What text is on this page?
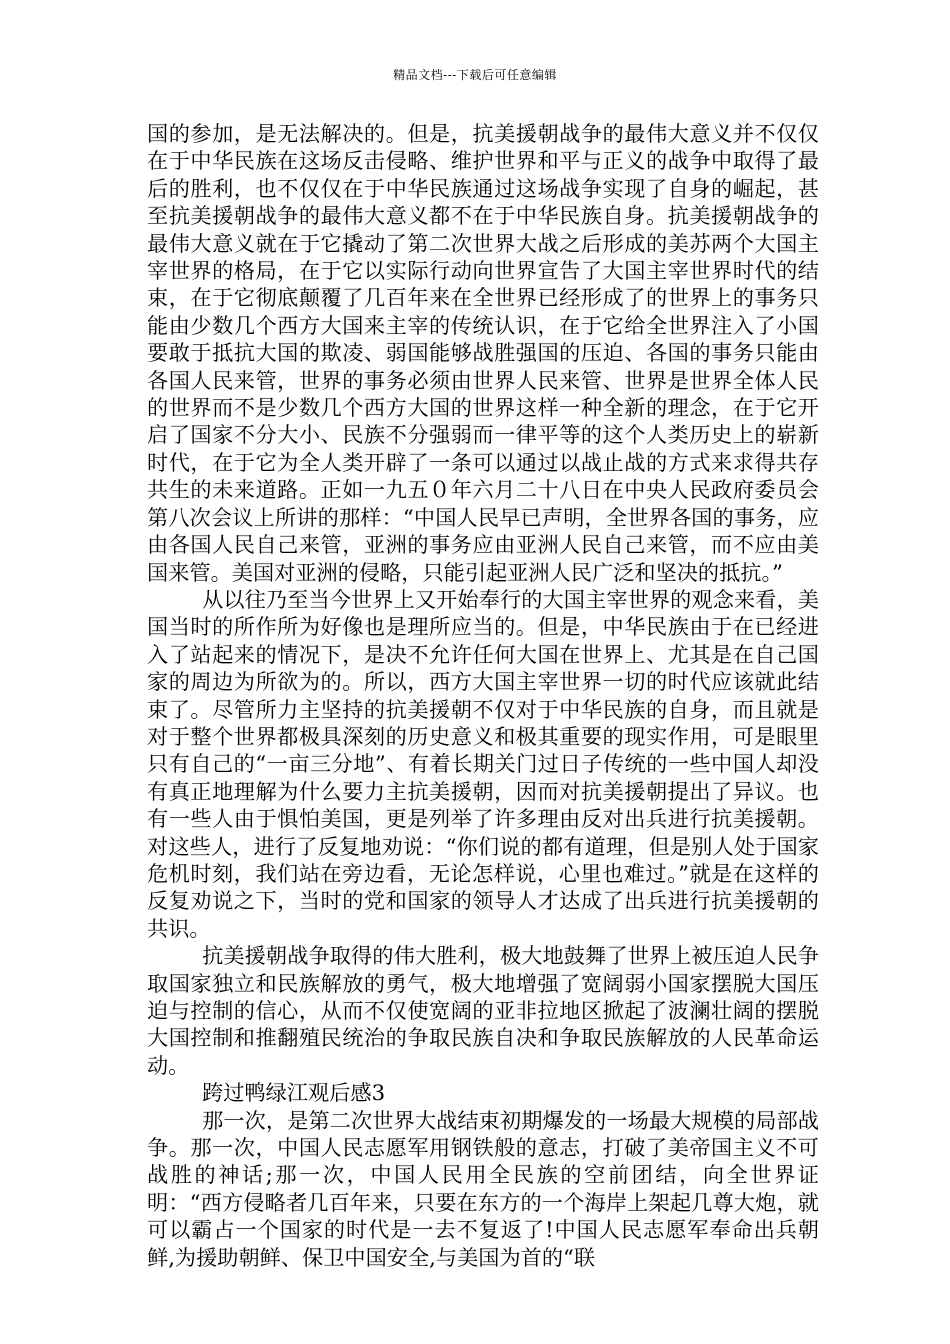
精品文档---下载后可任意编辑

国的参加，是无法解决的。但是，抗美援朝战争的最伟大意义并不仅仅在于中华民族在这场反击侵略、维护世界和平与正义的战争中取得了最后的胜利，也不仅仅在于中华民族通过这场战争实现了自身的崛起，甚至抗美援朝战争的最伟大意义都不在于中华民族自身。抗美援朝战争的最伟大意义就在于它撬动了第二次世界大战之后形成的美苏两个大国主宰世界的格局，在于它以实际行动向世界宣告了大国主宰世界时代的结束，在于它彻底颠覆了几百年来在全世界已经形成了的世界上的事务只能由少数几个西方大国来主宰的传统认识，在于它给全世界注入了小国要敢于抵抗大国的欺凌、弱国能够战胜强国的压迫、各国的事务只能由各国人民来管，世界的事务必须由世界人民来管、世界是世界全体人民的世界而不是少数几个西方大国的世界这样一种全新的理念，在于它开启了国家不分大小、民族不分强弱而一律平等的这个人类历史上的崭新时代，在于它为全人类开辟了一条可以通过以战止战的方式来求得共存共生的未来道路。正如一九五０年六月二十八日在中央人民政府委员会第八次会议上所讲的那样：“中国人民早已声明，全世界各国的事务，应由各国人民自己来管，亚洲的事务应由亚洲人民自己来管，而不应由美国来管。美国对亚洲的侵略，只能引起亚洲人民广泛和坚决的抵抗。”

从以往乃至当今世界上又开始奉行的大国主宰世界的观念来看，美国当时的所作所为好像也是理所应当的。但是，中华民族由于在已经进入了站起来的情况下，是决不允许任何大国在世界上、尤其是在自己国家的周边为所欲为的。所以，西方大国主宰世界一切的时代应该就此结束了。尽管所力主坚持的抗美援朝不仅对于中华民族的自身，而且就是对于整个世界都极具深刻的历史意义和极其重要的现实作用，可是眼里只有自己的“一亩三分地”、有着长期关门过日子传统的一些中国人却没有真正地理解为什么要力主抗美援朝，因而对抗美援朝提出了异议。也有一些人由于惧怕美国，更是列举了许多理由反对出兵进行抗美援朝。对这些人，进行了反复地劝说：“你们说的都有道理，但是别人处于国家危机时刻，我们站在旁边看，无论怎样说，心里也难过。”就是在这样的反复劝说之下，当时的党和国家的领导人才达成了出兵进行抗美援朝的共识。

抗美援朝战争取得的伟大胜利，极大地鼓舞了世界上被压迫人民争取国家独立和民族解放的勇气，极大地增强了宽阔弱小国家摆脱大国压迫与控制的信心，从而不仅使宽阔的亚非拉地区掀起了波澜壮阔的摆脱大国控制和推翻殖民统治的争取民族自决和争取民族解放的人民革命运动。

跨过鸭绿江观后感3

那一次，是第二次世界大战结束初期爆发的一场最大规模的局部战争。那一次，中国人民志愿军用钢铁般的意志，打破了美帝国主义不可战胜的神话;那一次，中国人民用全民族的空前团结，向全世界证明：“西方侵略者几百年来，只要在东方的一个海岸上架起几尊大炮，就可以霸占一个国家的时代是一去不复返了!中国人民志愿军奉命出兵朝鲜,为援助朝鲜、保卫中国安全,与美国为首的“联
